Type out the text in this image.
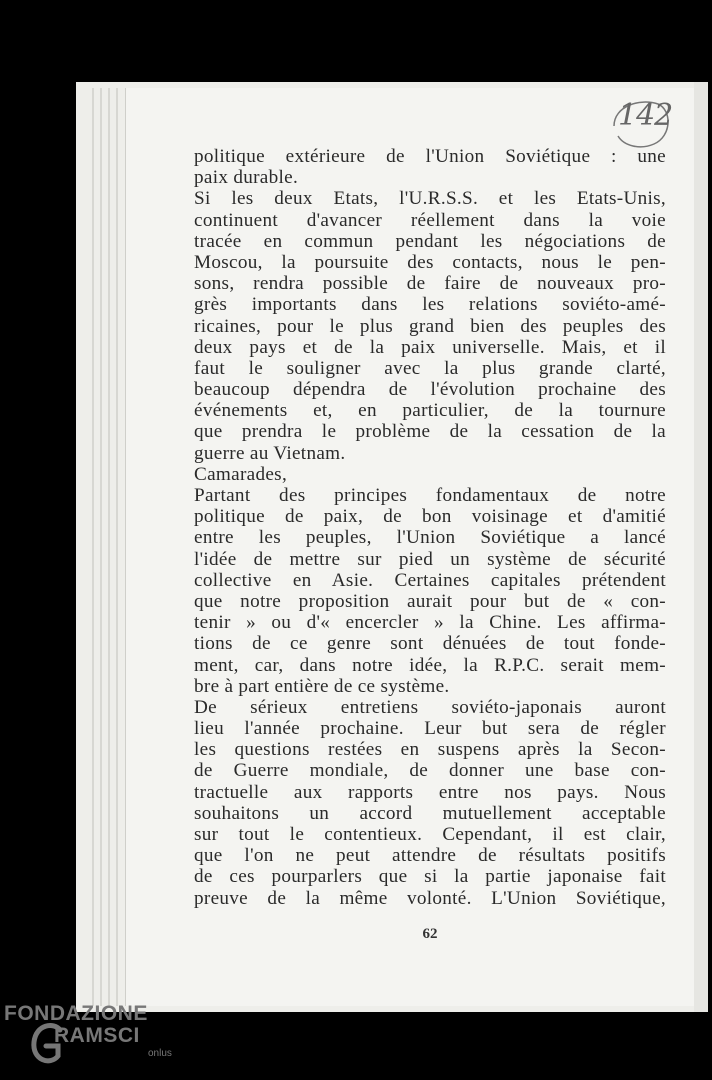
142
politique extérieure de l'Union Soviétique : une
paix durable.
Si les deux Etats, l'U.R.S.S. et les Etats-Unis,
continuent d'avancer réellement dans la voie
tracée en commun pendant les négociations de
Moscou, la poursuite des contacts, nous le pen-
sons, rendra possible de faire de nouveaux pro-
grès importants dans les relations soviéto-amé-
ricaines, pour le plus grand bien des peuples des
deux pays et de la paix universelle. Mais, et il
faut le souligner avec la plus grande clarté,
beaucoup dépendra de l'évolution prochaine des
événements et, en particulier, de la tournure
que prendra le problème de la cessation de la
guerre au Vietnam.
Camarades,
Partant des principes fondamentaux de notre
politique de paix, de bon voisinage et d'amitié
entre les peuples, l'Union Soviétique a lancé
l'idée de mettre sur pied un système de sécurité
collective en Asie. Certaines capitales prétendent
que notre proposition aurait pour but de « con-
tenir » ou d'« encercler » la Chine. Les affirma-
tions de ce genre sont dénuées de tout fonde-
ment, car, dans notre idée, la R.P.C. serait mem-
bre à part entière de ce système.
De sérieux entretiens soviéto-japonais auront
lieu l'année prochaine. Leur but sera de régler
les questions restées en suspens après la Secon-
de Guerre mondiale, de donner une base con-
tractuelle aux rapports entre nos pays. Nous
souhaitons un accord mutuellement acceptable
sur tout le contentieux. Cependant, il est clair,
que l'on ne peut attendre de résultats positifs
de ces pourparlers que si la partie japonaise fait
preuve de la même volonté. L'Union Soviétique,
62
FONDAZIONE
RAMSCI
onlus
